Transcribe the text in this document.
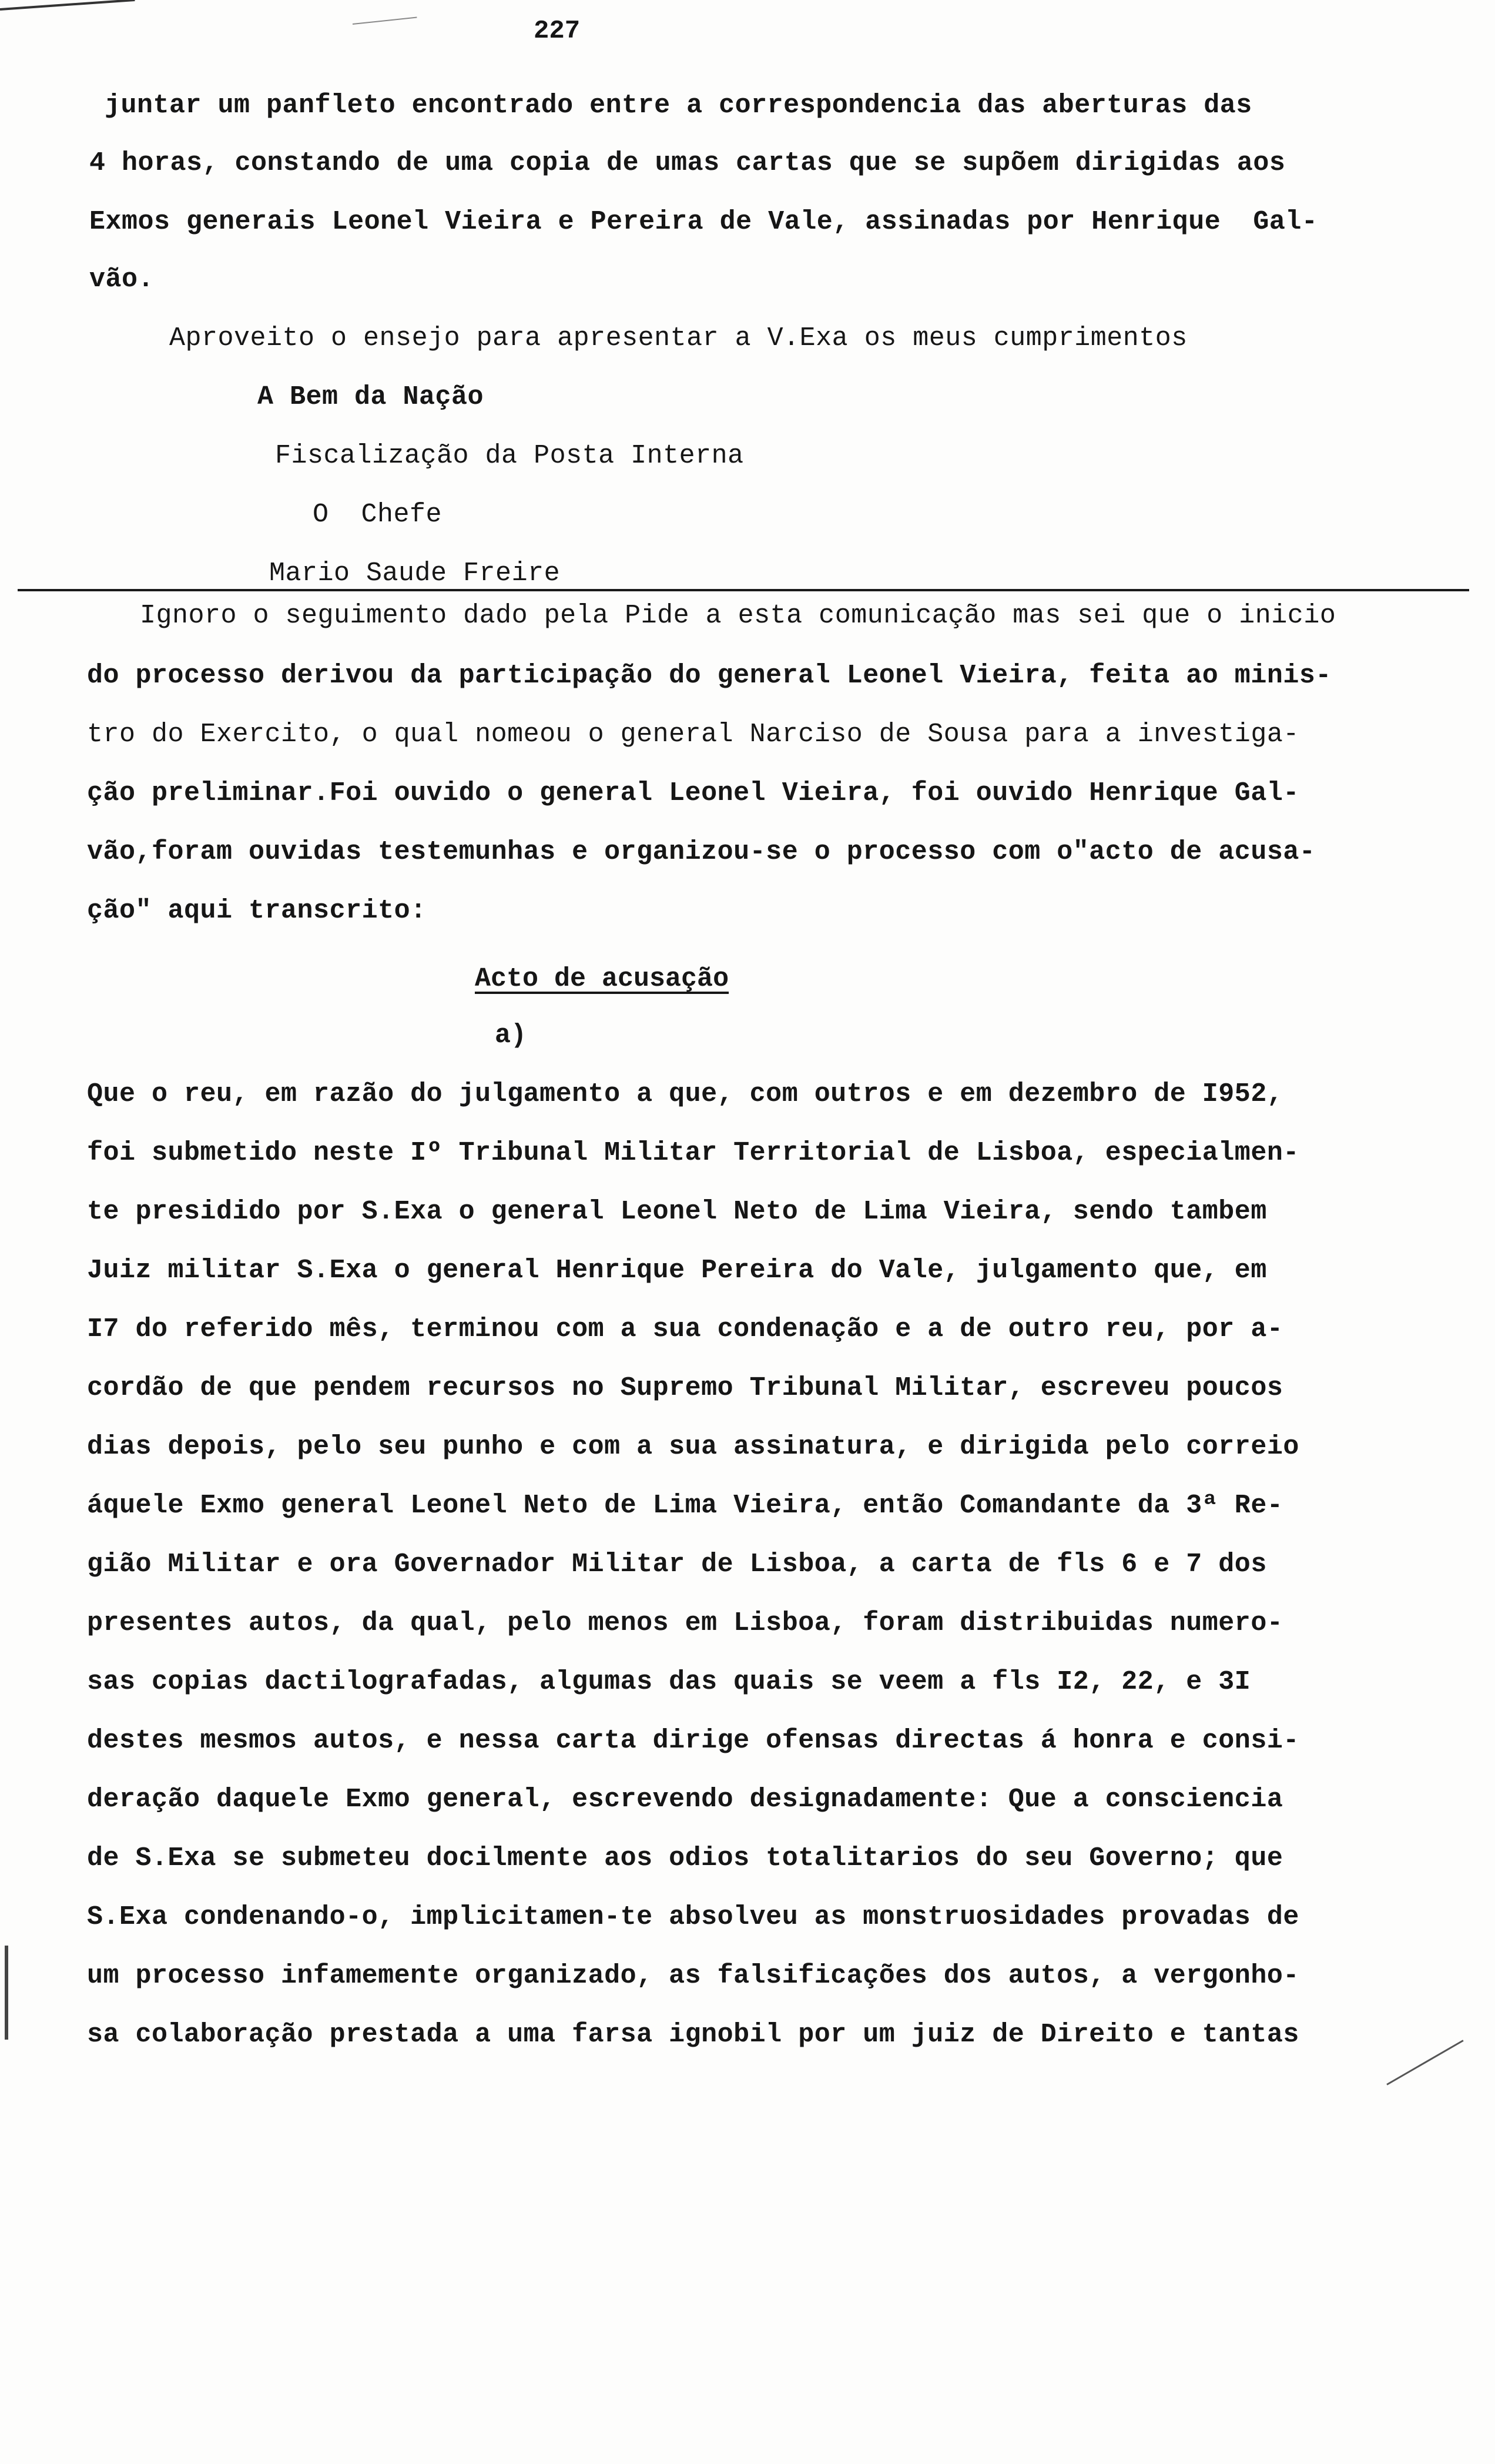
227
juntar um panfleto encontrado entre a correspondencia das aberturas das
4 horas, constando de uma copia de umas cartas que se supõem dirigidas aos
Exmos generais Leonel Vieira e Pereira de Vale, assinadas por Henrique  Gal-
vão.
Aproveito o ensejo para apresentar a V.Exa os meus cumprimentos
A Bem da Nação
Fiscalização da Posta Interna
O  Chefe
Mario Saude Freire
Ignoro o seguimento dado pela Pide a esta comunicação mas sei que o inicio
do processo derivou da participação do general Leonel Vieira, feita ao minis-
tro do Exercito, o qual nomeou o general Narciso de Sousa para a investiga-
ção preliminar.Foi ouvido o general Leonel Vieira, foi ouvido Henrique Gal-
vão,foram ouvidas testemunhas e organizou-se o processo com o"acto de acusa-
ção" aqui transcrito:
Acto de acusação
a)
Que o reu, em razão do julgamento a que, com outros e em dezembro de I952,
foi submetido neste Iº Tribunal Militar Territorial de Lisboa, especialmen-
te presidido por S.Exa o general Leonel Neto de Lima Vieira, sendo tambem
Juiz militar S.Exa o general Henrique Pereira do Vale, julgamento que, em
I7 do referido mês, terminou com a sua condenação e a de outro reu, por a-
cordão de que pendem recursos no Supremo Tribunal Militar, escreveu poucos
dias depois, pelo seu punho e com a sua assinatura, e dirigida pelo correio
áquele Exmo general Leonel Neto de Lima Vieira, então Comandante da 3ª Re-
gião Militar e ora Governador Militar de Lisboa, a carta de fls 6 e 7 dos
presentes autos, da qual, pelo menos em Lisboa, foram distribuidas numero-
sas copias dactilografadas, algumas das quais se veem a fls I2, 22, e 3I
destes mesmos autos, e nessa carta dirige ofensas directas á honra e consi-
deração daquele Exmo general, escrevendo designadamente: Que a consciencia
de S.Exa se submeteu docilmente aos odios totalitarios do seu Governo; que
S.Exa condenando-o, implicitamen-te absolveu as monstruosidades provadas de
um processo infamemente organizado, as falsificações dos autos, a vergonho-
sa colaboração prestada a uma farsa ignobil por um juiz de Direito e tantas
